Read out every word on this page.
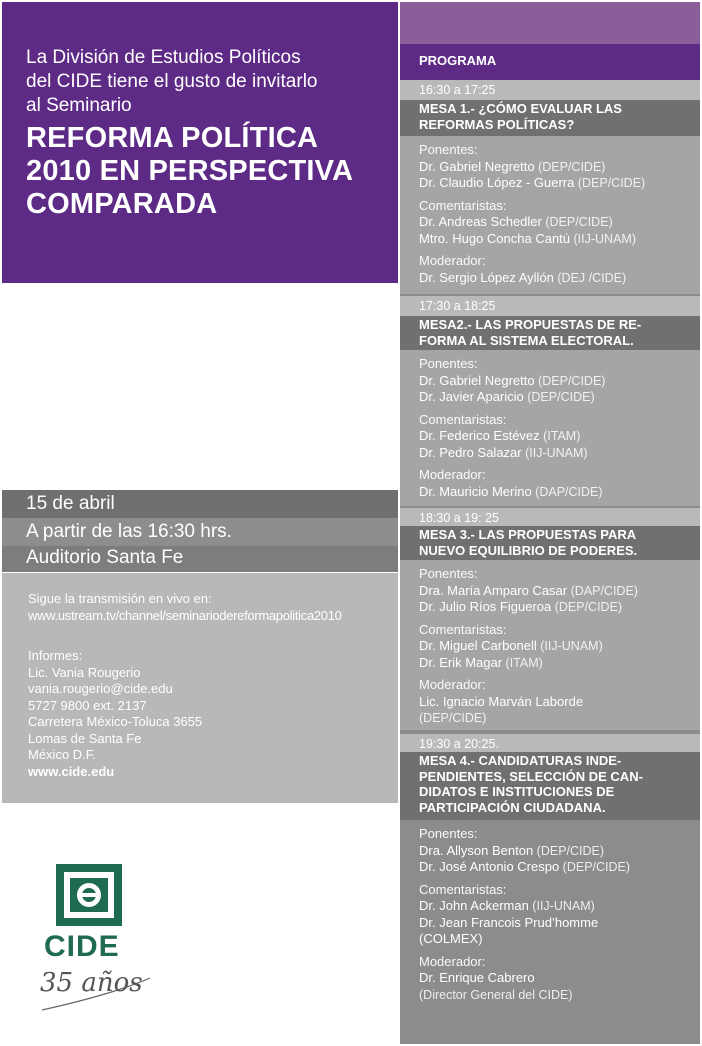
La División de Estudios Políticos

del CIDE tiene el gusto de invitarlo

al Seminario

REFORMA POLÍTICA

2010 EN PERSPECTIVA

COMPARADA

15 de abril
A partir de las 16:30 hrs.
Auditorio Santa Fe

Sigue la transmisión en vivo en:

www.ustream.tv/channel/seminariodereformapolitica2010

Informes:

Lic. Vania Rougerio

vania.rougerio@cide.edu

5727 9800 ext. 2137

Carretera México-Toluca 3655

Lomas de Santa Fe

México D.F.

www.cide.edu

CIDE
35 años
PROGRAMA
16:30 a 17:25
MESA 1.- ¿CÓMO EVALUAR LAS
REFORMAS POLÍTICAS?

Ponentes:

Dr. Gabriel Negretto (DEP/CIDE)

Dr. Claudio López - Guerra (DEP/CIDE)

Comentaristas:

Dr. Andreas Schedler (DEP/CIDE)

Mtro. Hugo Concha Cantú (IIJ-UNAM)

Moderador:

Dr. Sergio López Ayllón (DEJ /CIDE)

17:30 a 18:25
MESA2.- LAS PROPUESTAS DE RE-
FORMA AL SISTEMA ELECTORAL.

Ponentes:

Dr. Gabriel Negretto (DEP/CIDE)

Dr. Javier Aparicio (DEP/CIDE)

Comentaristas:

Dr. Federico Estévez (ITAM)

Dr. Pedro Salazar (IIJ-UNAM)

Moderador:

Dr. Mauricio Merino (DAP/CIDE)

18:30 a 19: 25
MESA 3.- LAS PROPUESTAS PARA
NUEVO EQUILIBRIO DE PODERES.

Ponentes:

Dra. María Amparo Casar (DAP/CIDE)

Dr. Julio Ríos Figueroa (DEP/CIDE)

Comentaristas:

Dr. Miguel Carbonell (IIJ-UNAM)

Dr. Erik Magar (ITAM)

Moderador:

Lic. Ignacio Marván Laborde

(DEP/CIDE)

19:30 a 20:25.
MESA 4.- CANDIDATURAS INDE-
PENDIENTES, SELECCIÓN DE CAN-
DIDATOS E INSTITUCIONES DE
PARTICIPACIÓN CIUDADANA.

Ponentes:

Dra. Allyson Benton (DEP/CIDE)

Dr. José Antonio Crespo (DEP/CIDE)

Comentaristas:

Dr. John Ackerman (IIJ-UNAM)

Dr. Jean Francois Prud’homme

(COLMEX)

Moderador:

Dr. Enrique Cabrero

(Director General del CIDE)
